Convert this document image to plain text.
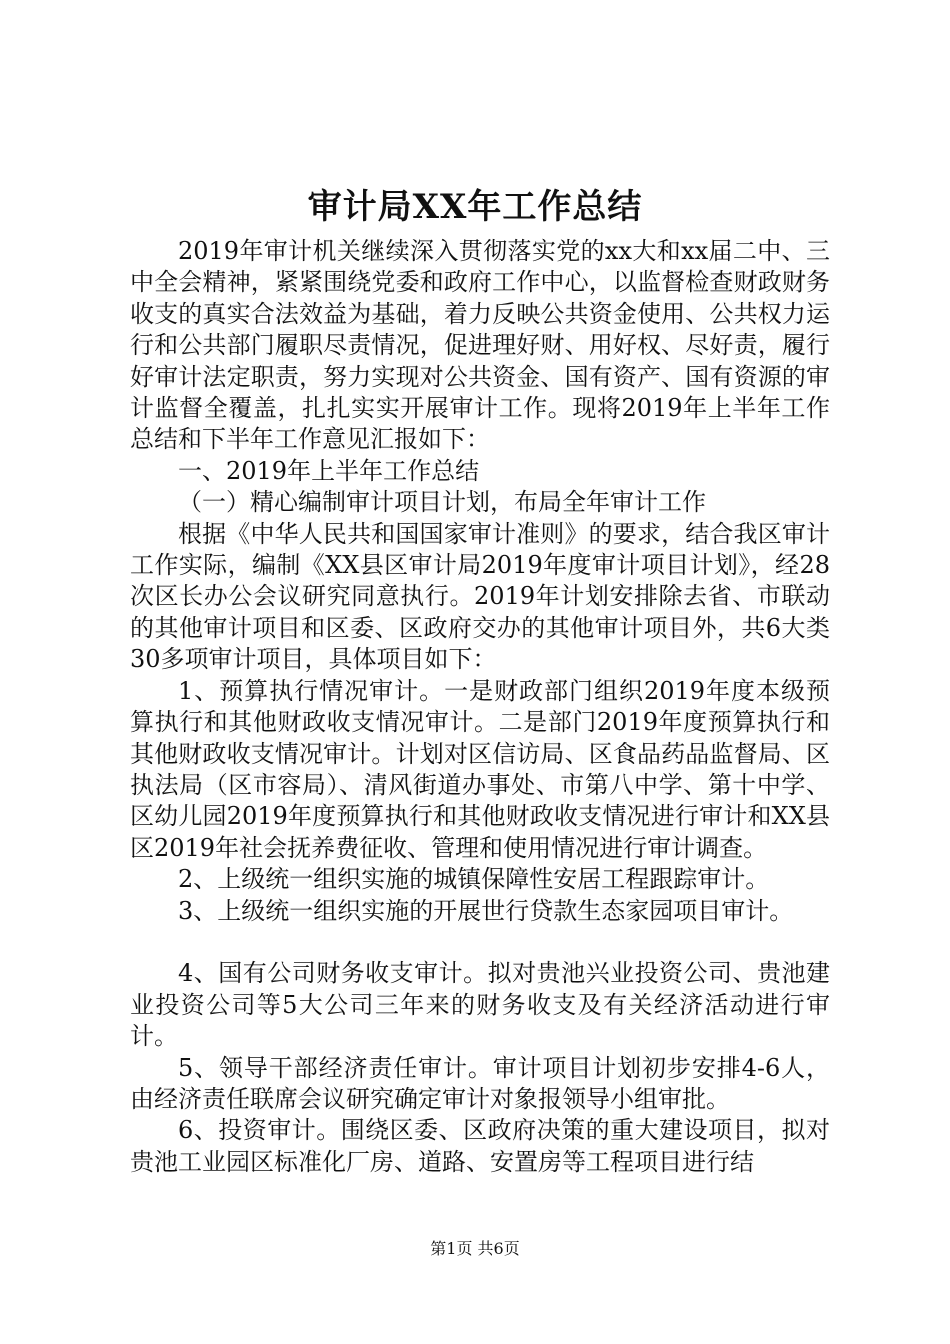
审计局XX年工作总结

2019年审计机关继续深入贯彻落实党的xx大和xx届二中、三中全会精神，紧紧围绕党委和政府工作中心，以监督检查财政财务收支的真实合法效益为基础，着力反映公共资金使用、公共权力运行和公共部门履职尽责情况，促进理好财、用好权、尽好责，履行好审计法定职责，努力实现对公共资金、国有资产、国有资源的审计监督全覆盖，扎扎实实开展审计工作。现将2019年上半年工作总结和下半年工作意见汇报如下：

一、2019年上半年工作总结

（一）精心编制审计项目计划，布局全年审计工作

根据《中华人民共和国国家审计准则》的要求，结合我区审计工作实际，编制《XX县区审计局2019年度审计项目计划》，经28次区长办公会议研究同意执行。2019年计划安排除去省、市联动的其他审计项目和区委、区政府交办的其他审计项目外，共6大类30多项审计项目，具体项目如下：

1、预算执行情况审计。一是财政部门组织2019年度本级预算执行和其他财政收支情况审计。二是部门2019年度预算执行和其他财政收支情况审计。计划对区信访局、区食品药品监督局、区执法局（区市容局）、清风街道办事处、市第八中学、第十中学、区幼儿园2019年度预算执行和其他财政收支情况进行审计和XX县区2019年社会抚养费征收、管理和使用情况进行审计调查。

2、上级统一组织实施的城镇保障性安居工程跟踪审计。

3、上级统一组织实施的开展世行贷款生态家园项目审计。

4、国有公司财务收支审计。拟对贵池兴业投资公司、贵池建业投资公司等5大公司三年来的财务收支及有关经济活动进行审计。

5、领导干部经济责任审计。审计项目计划初步安排4-6人，由经济责任联席会议研究确定审计对象报领导小组审批。

6、投资审计。围绕区委、区政府决策的重大建设项目，拟对贵池工业园区标准化厂房、道路、安置房等工程项目进行结

第1页 共6页
